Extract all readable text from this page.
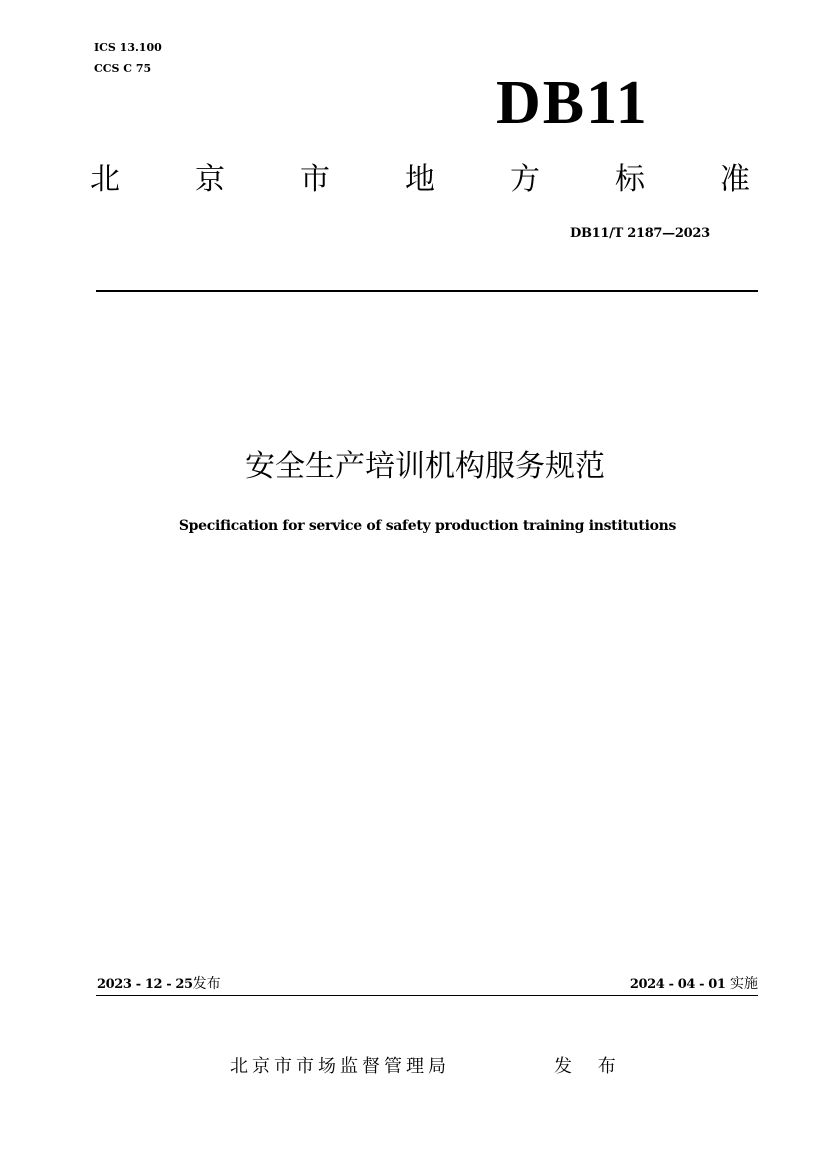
ICS 13.100
CCS C 75
DB11
北	京	市	地	方	标	准
DB11/T 2187—2023
安全生产培训机构服务规范
Specification for service of safety production training institutions
2023 - 12 - 25发布	2024 - 04 - 01 实施
北京市市场监督管理局	发 布
